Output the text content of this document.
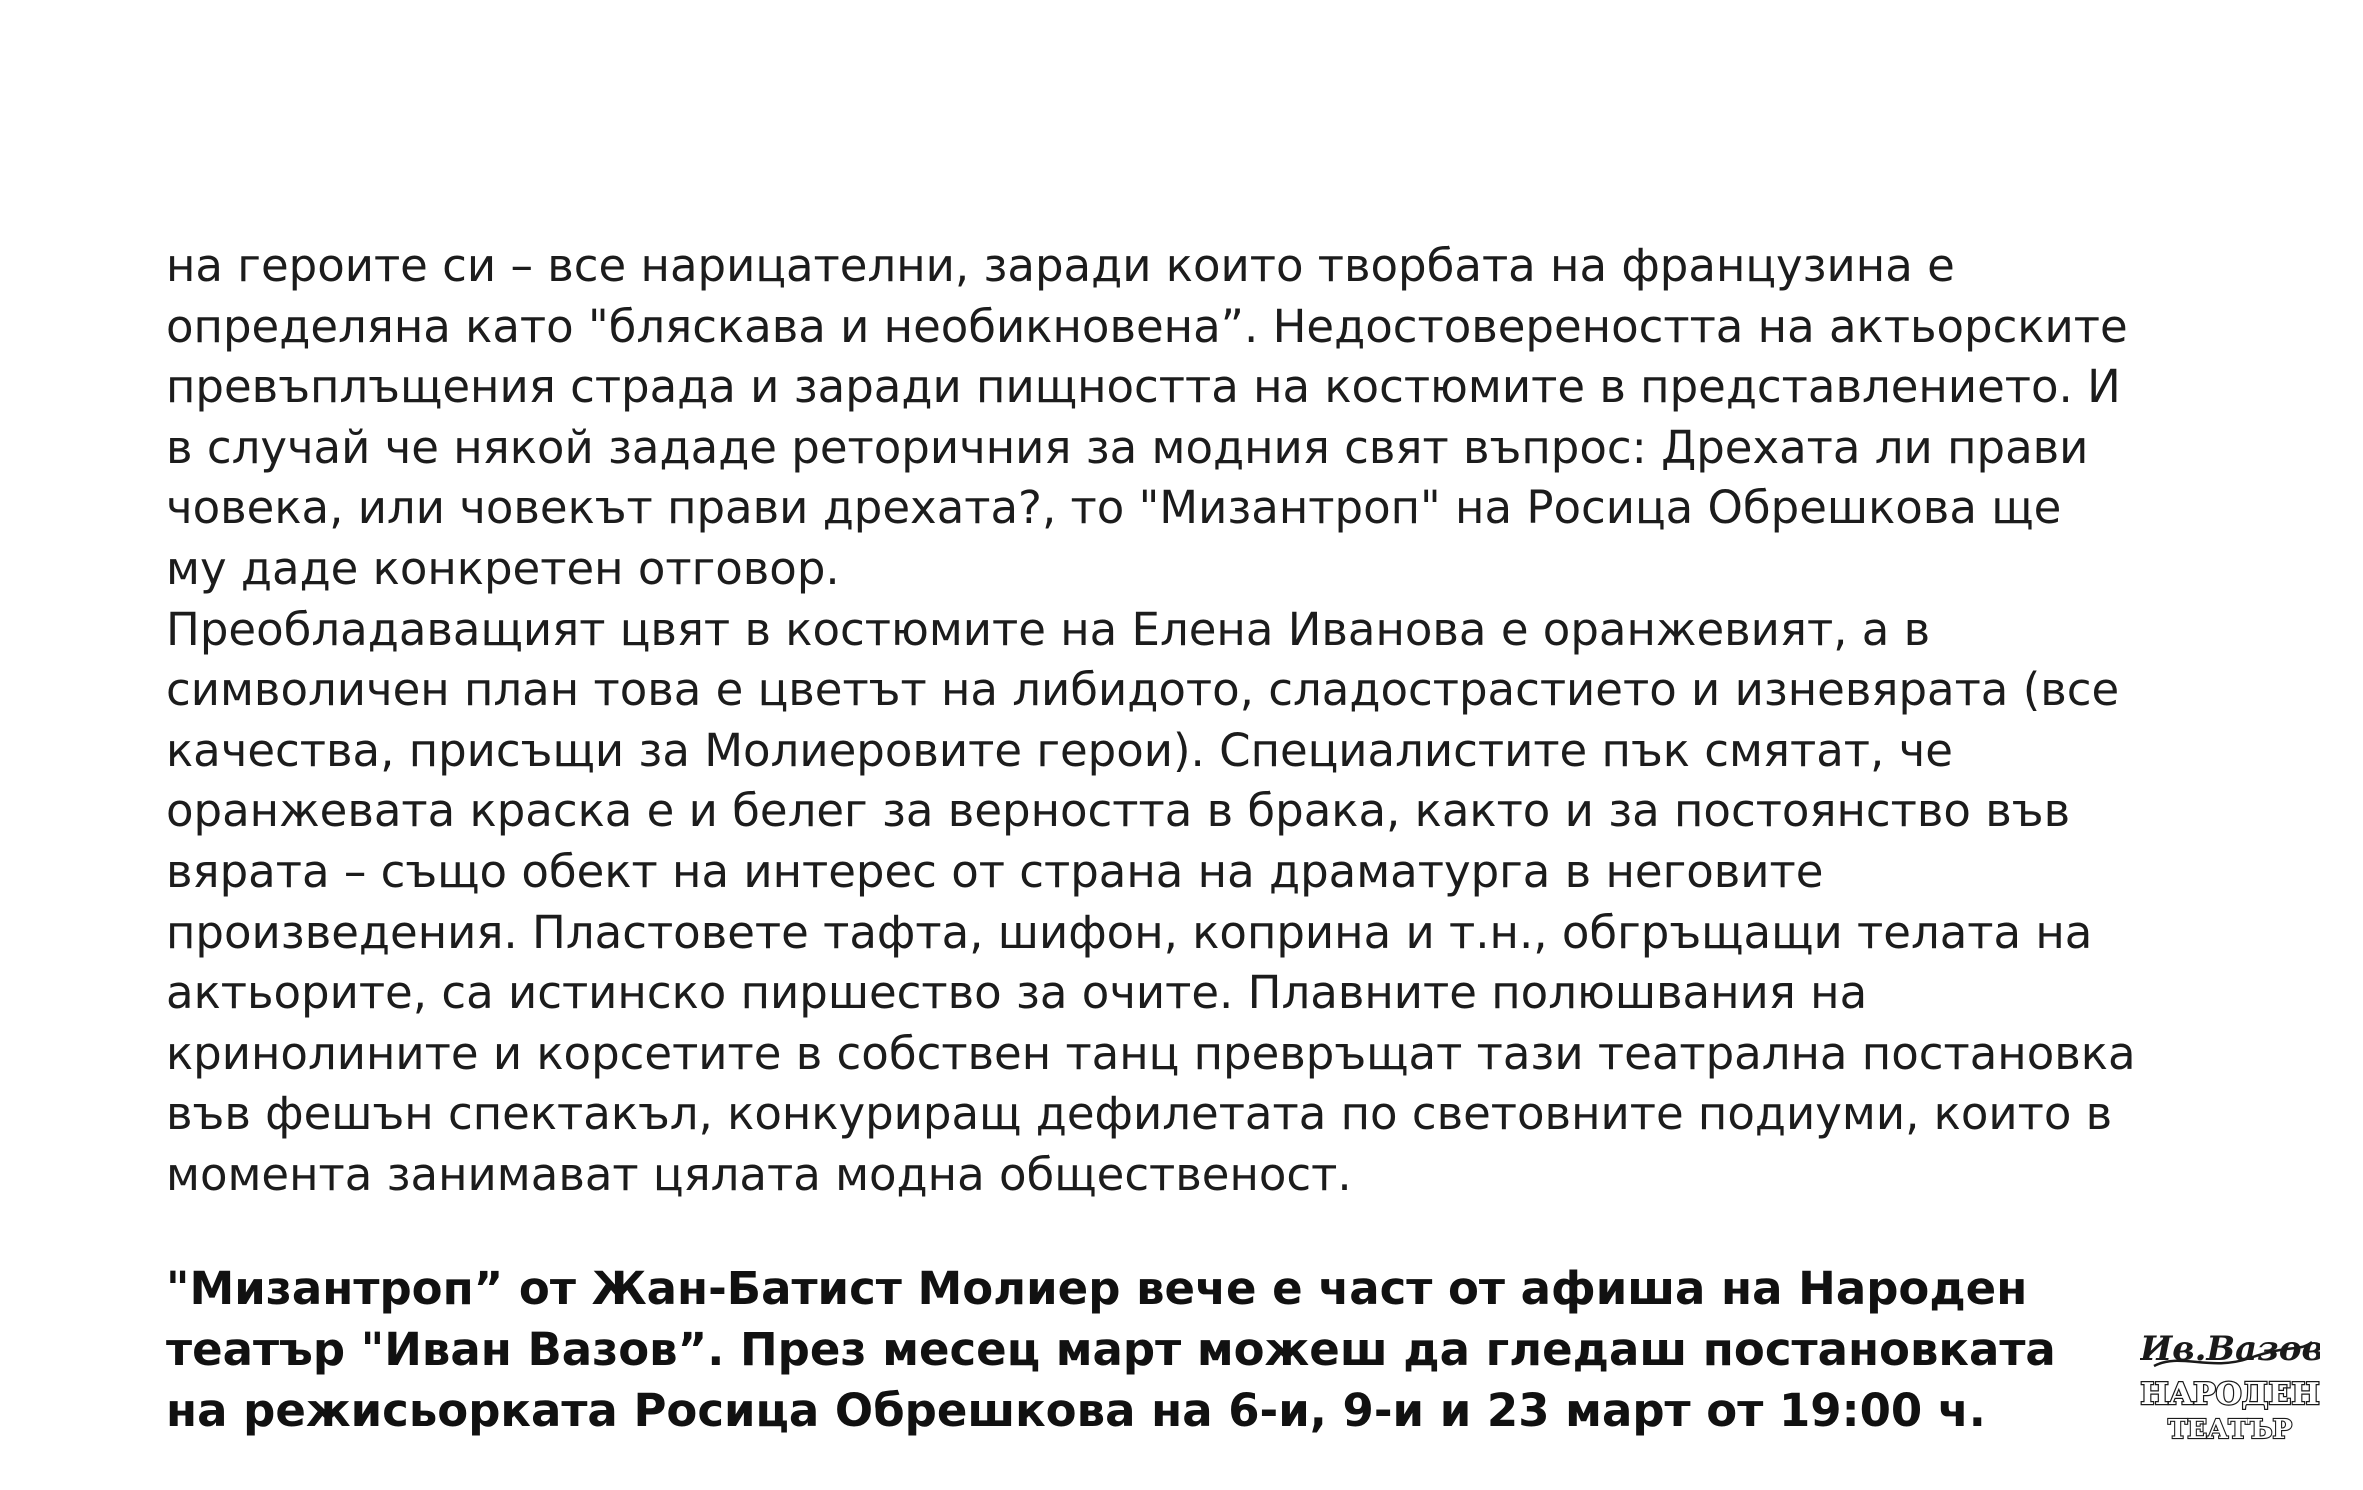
на героите си – все нарицателни, заради които творбата на французина е
определяна като "бляскава и необикновена”. Недостовереността на актьорските
превъплъщения страда и заради пищността на костюмите в представлението. И
в случай че някой зададе реторичния за модния свят въпрос: Дрехата ли прави
човека, или човекът прави дрехата?, то "Мизантроп" на Росица Обрешкова ще
му даде конкретен отговор.
Преобладаващият цвят в костюмите на Елена Иванова е оранжевият, а в
символичен план това е цветът на либидото, сладострастието и изневярата (все
качества, присъщи за Молиеровите герои). Специалистите пък смятат, че
оранжевата краска е и белег за верността в брака, както и за постоянство във
вярата – също обект на интерес от страна на драматурга в неговите
произведения. Пластовете тафта, шифон, коприна и т.н., обгръщащи телата на
актьорите, са истинско пиршество за очите. Плавните полюшвания на
кринолините и корсетите в собствен танц превръщат тази театрална постановка
във фешън спектакъл, конкуриращ дефилетата по световните подиуми, които в
момента занимават цялата модна общественост.
"Мизантроп” от Жан-Батист Молиер вече е част от афиша на Народен
театър "Иван Вазов”. През месец март можеш да гледаш постановката
на режисьорката Росица Обрешкова на 6-и, 9-и и 23 март от 19:00 ч.
Ив.Вазов
НАРОДЕН
ТЕАТЪР
